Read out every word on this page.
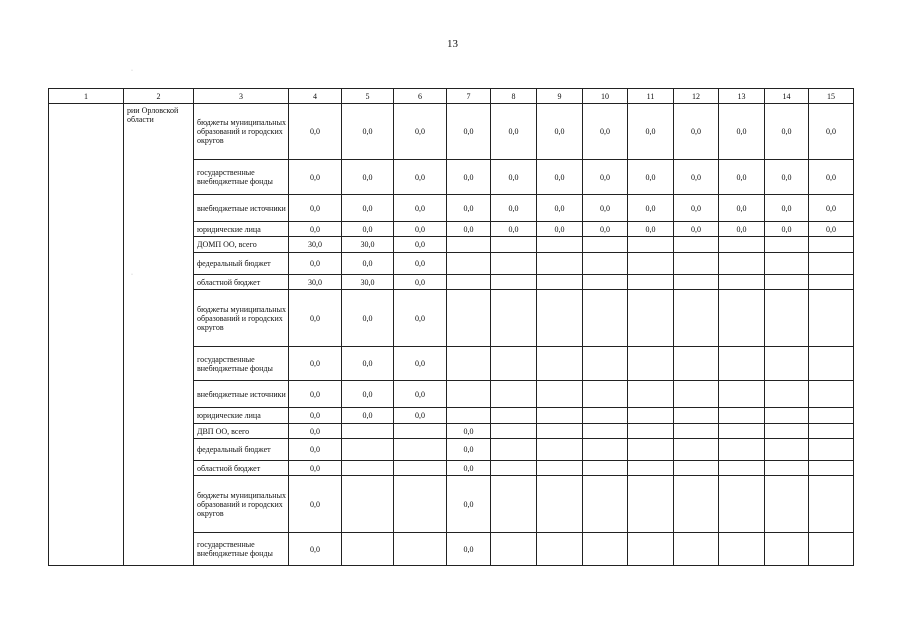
13
·
·
1	2	3	4	5	6	7	8	9	10	11	12	13	14	15
	рии Орловской области	бюджеты муниципальных образований и городских округов	0,0	0,0	0,0	0,0	0,0	0,0	0,0	0,0	0,0	0,0	0,0	0,0
		государственные внебюджетные фонды	0,0	0,0	0,0	0,0	0,0	0,0	0,0	0,0	0,0	0,0	0,0	0,0
		внебюджетные источники	0,0	0,0	0,0	0,0	0,0	0,0	0,0	0,0	0,0	0,0	0,0	0,0
		юридические лица	0,0	0,0	0,0	0,0	0,0	0,0	0,0	0,0	0,0	0,0	0,0	0,0
		ДОМП ОО, всего	30,0	30,0	0,0									
		федеральный бюджет	0,0	0,0	0,0									
		областной бюджет	30,0	30,0	0,0									
		бюджеты муниципальных образований и городских округов	0,0	0,0	0,0									
		государственные внебюджетные фонды	0,0	0,0	0,0									
		внебюджетные источники	0,0	0,0	0,0									
		юридические лица	0,0	0,0	0,0									
		ДВП ОО, всего	0,0			0,0								
		федеральный бюджет	0,0			0,0								
		областной бюджет	0,0			0,0								
		бюджеты муниципальных образований и городских округов	0,0			0,0								
		государственные внебюджетные фонды	0,0			0,0								
